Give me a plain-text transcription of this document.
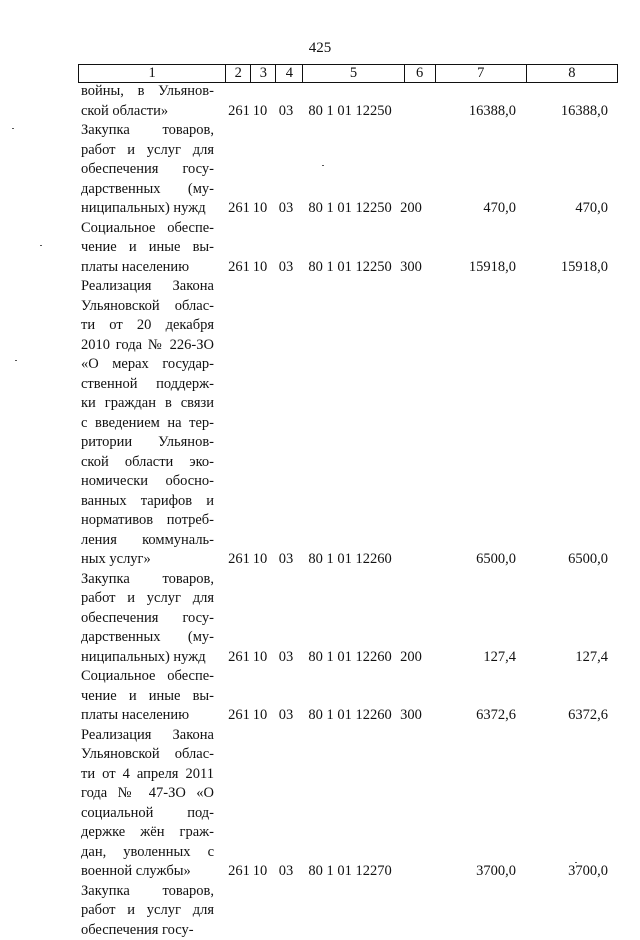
425
1	2	3	4	5	6	7	8
войны, в Ульянов-
ской области»	261 10 03	80 1 01 12250	16388,0	16388,0
Закупка товаров,
работ и услуг для
обеспечения госу-
дарственных (му-
ниципальных) нужд	261 10 03	80 1 01 12250 200	470,0	470,0
Социальное обеспе-
чение и иные вы-
платы населению	261 10 03	80 1 01 12250 300	15918,0	15918,0
Реализация Закона
Ульяновской облас-
ти от 20 декабря
2010 года № 226-ЗО
«О мерах государ-
ственной поддерж-
ки граждан в связи
с введением на тер-
ритории Ульянов-
ской области эко-
номически обосно-
ванных тарифов и
нормативов потреб-
ления коммуналь-
ных услуг»	261 10 03	80 1 01 12260	6500,0	6500,0
Закупка товаров,
работ и услуг для
обеспечения госу-
дарственных (му-
ниципальных) нужд	261 10 03	80 1 01 12260 200	127,4	127,4
Социальное обеспе-
чение и иные вы-
платы населению	261 10 03	80 1 01 12260 300	6372,6	6372,6
Реализация Закона
Ульяновской облас-
ти от 4 апреля 2011
года № 47-ЗО «О
социальной под-
держке жён граж-
дан, уволенных с
военной службы»	261 10 03	80 1 01 12270	3700,0	3700,0
Закупка товаров,
работ и услуг для
обеспечения госу-
